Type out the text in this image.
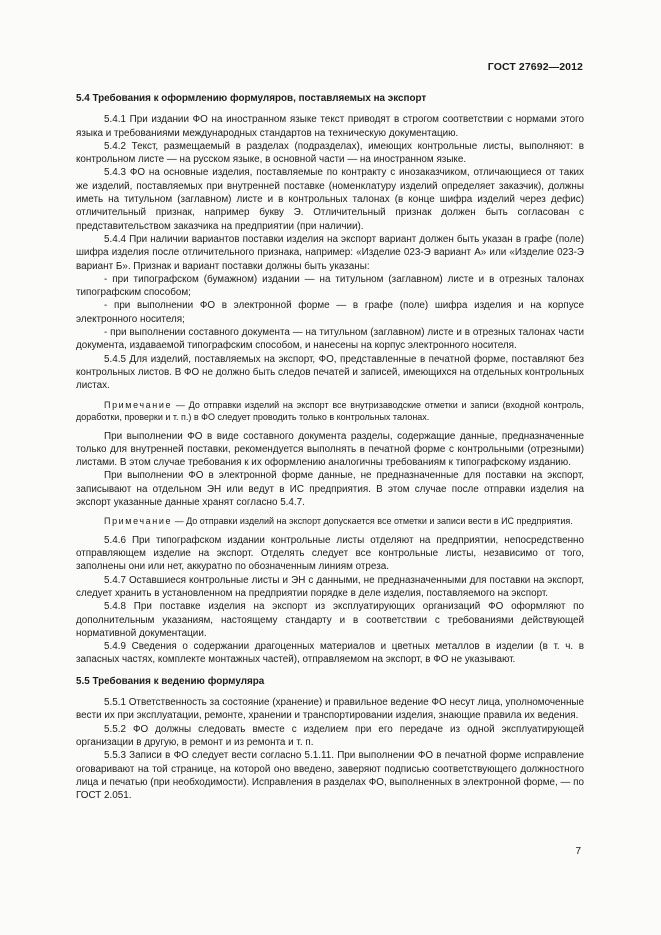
ГОСТ 27692—2012
5.4 Требования к оформлению формуляров, поставляемых на экспорт

5.4.1 При издании ФО на иностранном языке текст приводят в строгом соответствии с нормами этого языка и требованиями международных стандартов на техническую документацию.

5.4.2 Текст, размещаемый в разделах (подразделах), имеющих контрольные листы, выполняют: в контрольном листе — на русском языке, в основной части — на иностранном языке.

5.4.3 ФО на основные изделия, поставляемые по контракту с инозаказчиком, отличающиеся от таких же изделий, поставляемых при внутренней поставке (номенклатуру изделий определяет заказчик), должны иметь на титульном (заглавном) листе и в контрольных талонах (в конце шифра изделий через дефис) отличительный признак, например букву Э. Отличительный признак должен быть согласован с представительством заказчика на предприятии (при наличии).

5.4.4 При наличии вариантов поставки изделия на экспорт вариант должен быть указан в графе (поле) шифра изделия после отличительного признака, например: «Изделие 023-Э вариант А» или «Изделие 023-Э вариант Б». Признак и вариант поставки должны быть указаны:

- при типографском (бумажном) издании — на титульном (заглавном) листе и в отрезных талонах типографским способом;

- при выполнении ФО в электронной форме — в графе (поле) шифра изделия и на корпусе электронного носителя;

- при выполнении составного документа — на титульном (заглавном) листе и в отрезных талонах части документа, издаваемой типографским способом, и нанесены на корпус электронного носителя.

5.4.5 Для изделий, поставляемых на экспорт, ФО, представленные в печатной форме, поставляют без контрольных листов. В ФО не должно быть следов печатей и записей, имеющихся на отдельных контрольных листах.

Примечание — До отправки изделий на экспорт все внутризаводские отметки и записи (входной контроль, доработки, проверки и т. п.) в ФО следует проводить только в контрольных талонах.

При выполнении ФО в виде составного документа разделы, содержащие данные, предназначенные только для внутренней поставки, рекомендуется выполнять в печатной форме с контрольными (отрезными) листами. В этом случае требования к их оформлению аналогичны требованиям к типографскому изданию.

При выполнении ФО в электронной форме данные, не предназначенные для поставки на экспорт, записывают на отдельном ЭН или ведут в ИС предприятия. В этом случае после отправки изделия на экспорт указанные данные хранят согласно 5.4.7.

Примечание — До отправки изделий на экспорт допускается все отметки и записи вести в ИС предприятия.

5.4.6 При типографском издании контрольные листы отделяют на предприятии, непосредственно отправляющем изделие на экспорт. Отделять следует все контрольные листы, независимо от того, заполнены они или нет, аккуратно по обозначенным линиям отреза.

5.4.7 Оставшиеся контрольные листы и ЭН с данными, не предназначенными для поставки на экспорт, следует хранить в установленном на предприятии порядке в деле изделия, поставляемого на экспорт.

5.4.8 При поставке изделия на экспорт из эксплуатирующих организаций ФО оформляют по дополнительным указаниям, настоящему стандарту и в соответствии с требованиями действующей нормативной документации.

5.4.9 Сведения о содержании драгоценных материалов и цветных металлов в изделии (в т. ч. в запасных частях, комплекте монтажных частей), отправляемом на экспорт, в ФО не указывают.

5.5 Требования к ведению формуляра

5.5.1 Ответственность за состояние (хранение) и правильное ведение ФО несут лица, уполномоченные вести их при эксплуатации, ремонте, хранении и транспортировании изделия, знающие правила их ведения.

5.5.2 ФО должны следовать вместе с изделием при его передаче из одной эксплуатирующей организации в другую, в ремонт и из ремонта и т. п.

5.5.3 Записи в ФО следует вести согласно 5.1.11. При выполнении ФО в печатной форме исправление оговаривают на той странице, на которой оно введено, заверяют подписью соответствующего должностного лица и печатью (при необходимости). Исправления в разделах ФО, выполненных в электронной форме, — по ГОСТ 2.051.

7
